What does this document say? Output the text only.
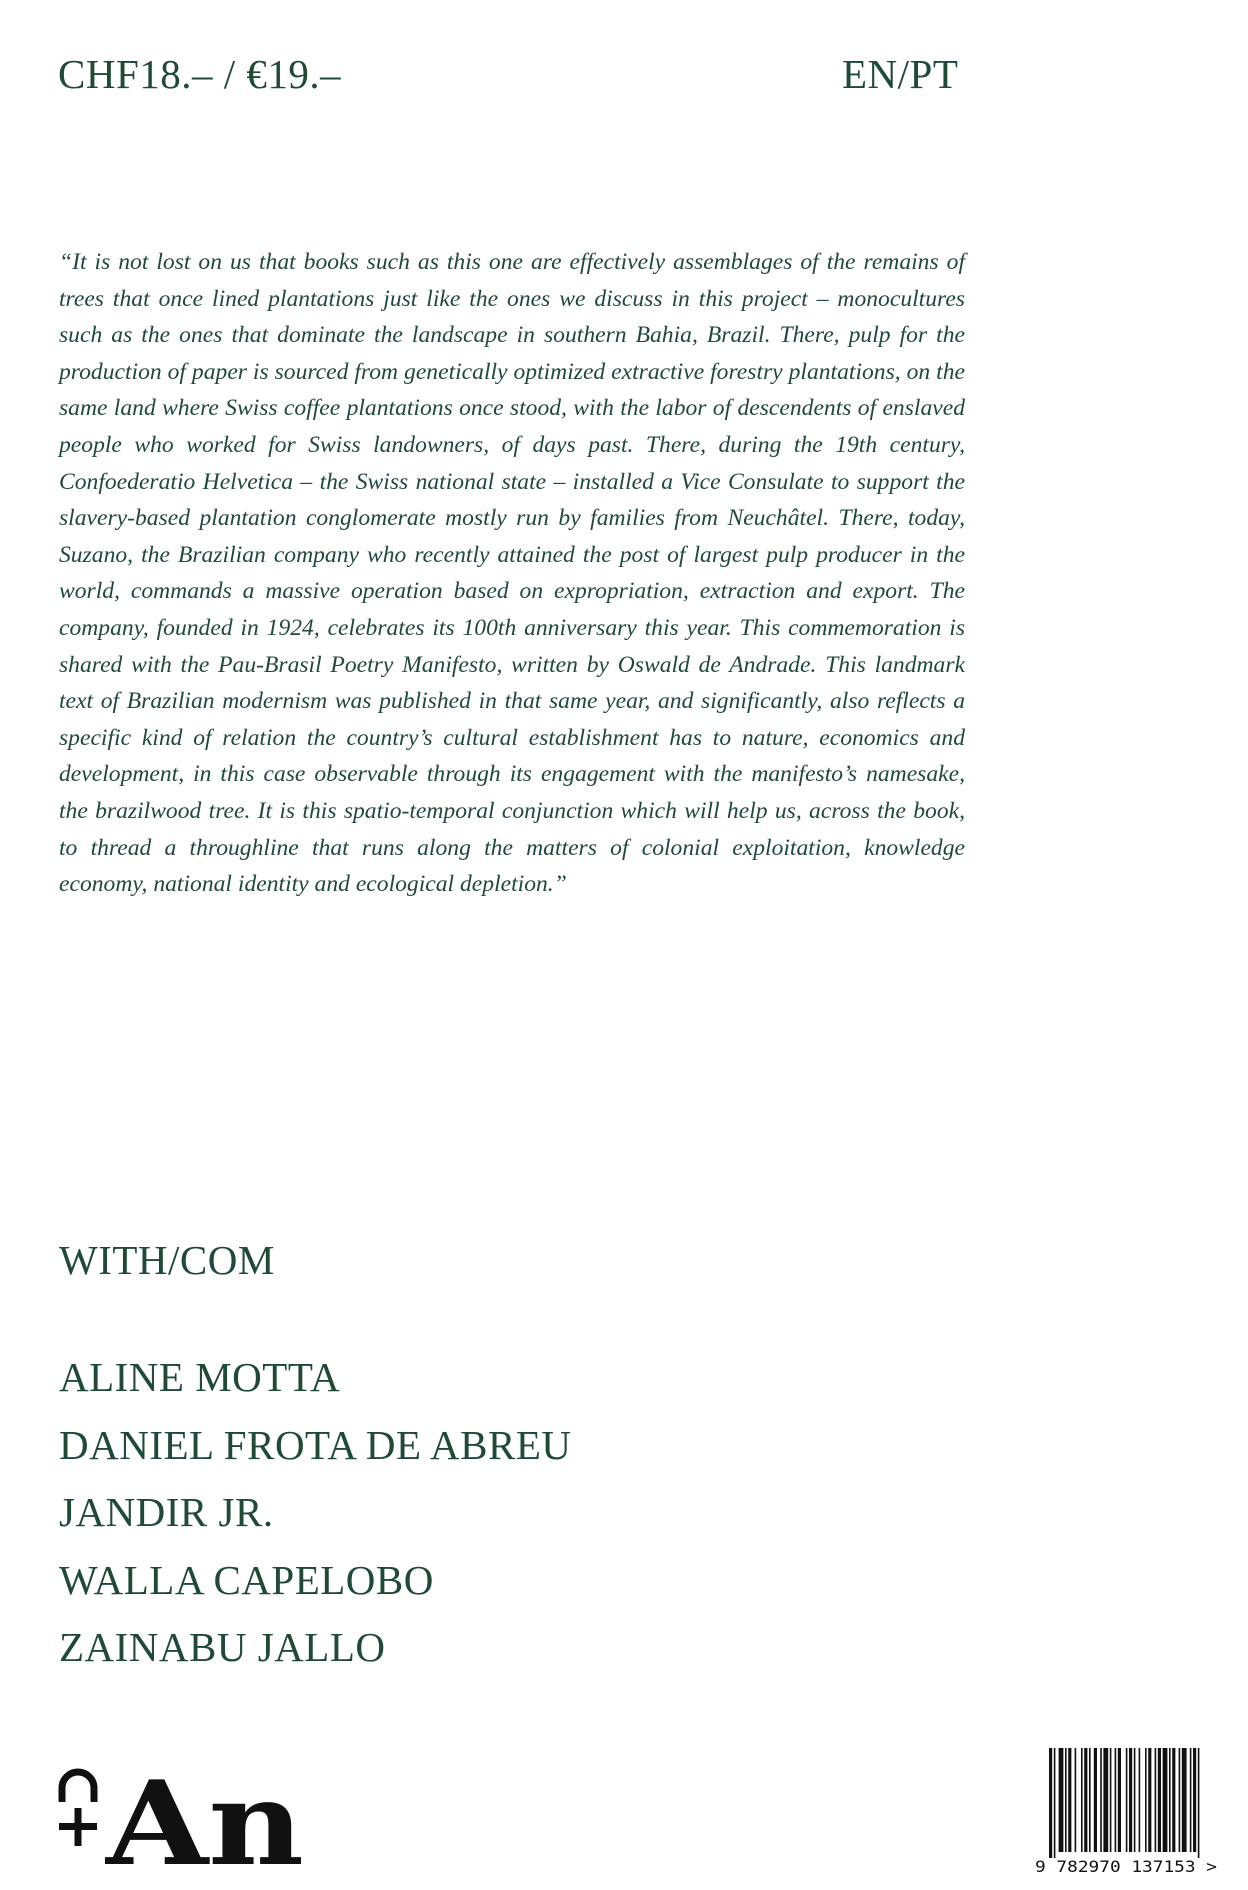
CHF18.– / €19.–	EN/PT

“It is not lost on us that books such as this one are effectively assemblages of the remains of trees that once lined plantations just like the ones we discuss in this project – monocultures such as the ones that dominate the landscape in southern Bahia, Brazil. There, pulp for the production of paper is sourced from genetically optimized extractive forestry plantations, on the same land where Swiss coffee plantations once stood, with the labor of descendents of enslaved people who worked for Swiss landowners, of days past. There, during the 19th century, Confoederatio Helvetica – the Swiss national state – installed a Vice Consulate to support the slavery-based plantation conglomerate mostly run by families from Neuchâtel. There, today, Suzano, the Brazilian company who recently attained the post of largest pulp producer in the world, commands a massive operation based on expropriation, extraction and export. The company, founded in 1924, celebrates its 100th anniversary this year. This commemoration is shared with the Pau-Brasil Poetry Manifesto, written by Oswald de Andrade. This landmark text of Brazilian modernism was published in that same year, and significantly, also reflects a specific kind of relation the country’s cultural establishment has to nature, economics and development, in this case observable through its engagement with the manifesto’s namesake, the brazilwood tree. It is this spatio-temporal conjunction which will help us, across the book, to thread a throughline that runs along the matters of colonial exploitation, knowledge economy, national identity and ecological depletion.”

WITH/COM
ALINE MOTTA
DANIEL FROTA DE ABREU
JANDIR JR.
WALLA CAPELOBO
ZAINABU JALLO
An	9 782970 137153 >
